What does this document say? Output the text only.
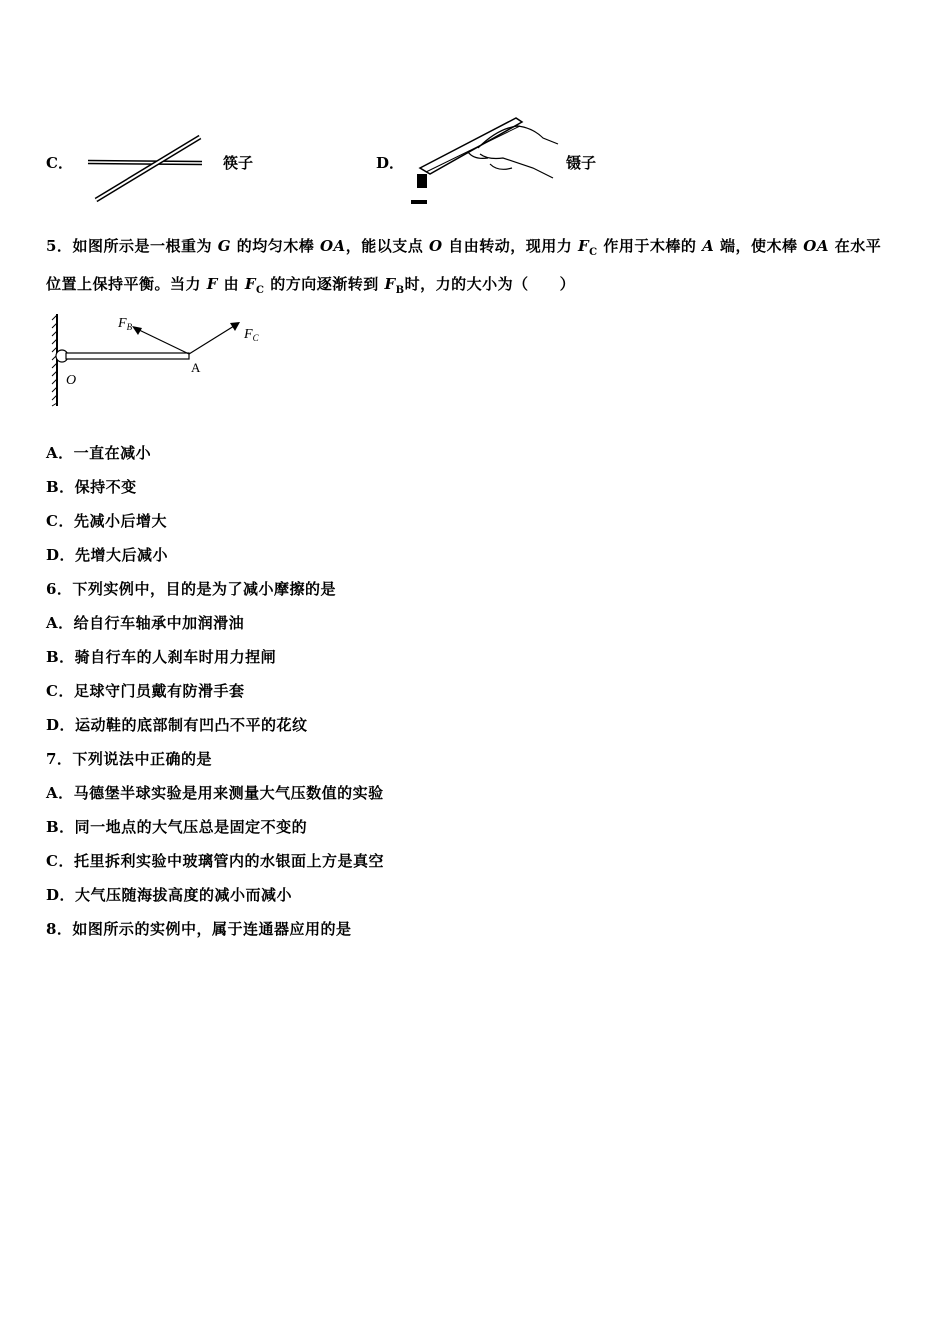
C．	筷子	D．	镊子
5．如图所示是一根重为 G 的均匀木棒 OA，能以支点 O 自由转动，现用力 $F_C$ 作用于木棒的 A 端，使木棒 OA 在水平
位置上保持平衡。当力 F 由 $F_C$ 的方向逐渐转到 $F_B$时，力的大小为（　　）
$F_B$	$F_C$
O
A
A．一直在减小
B．保持不变
C．先减小后增大
D．先增大后减小
6．下列实例中，目的是为了减小摩擦的是
A．给自行车轴承中加润滑油
B．骑自行车的人刹车时用力捏闸
C．足球守门员戴有防滑手套
D．运动鞋的底部制有凹凸不平的花纹
7．下列说法中正确的是
A．马德堡半球实验是用来测量大气压数值的实验
B．同一地点的大气压总是固定不变的
C．托里拆利实验中玻璃管内的水银面上方是真空
D．大气压随海拔高度的减小而减小
8．如图所示的实例中，属于连通器应用的是
